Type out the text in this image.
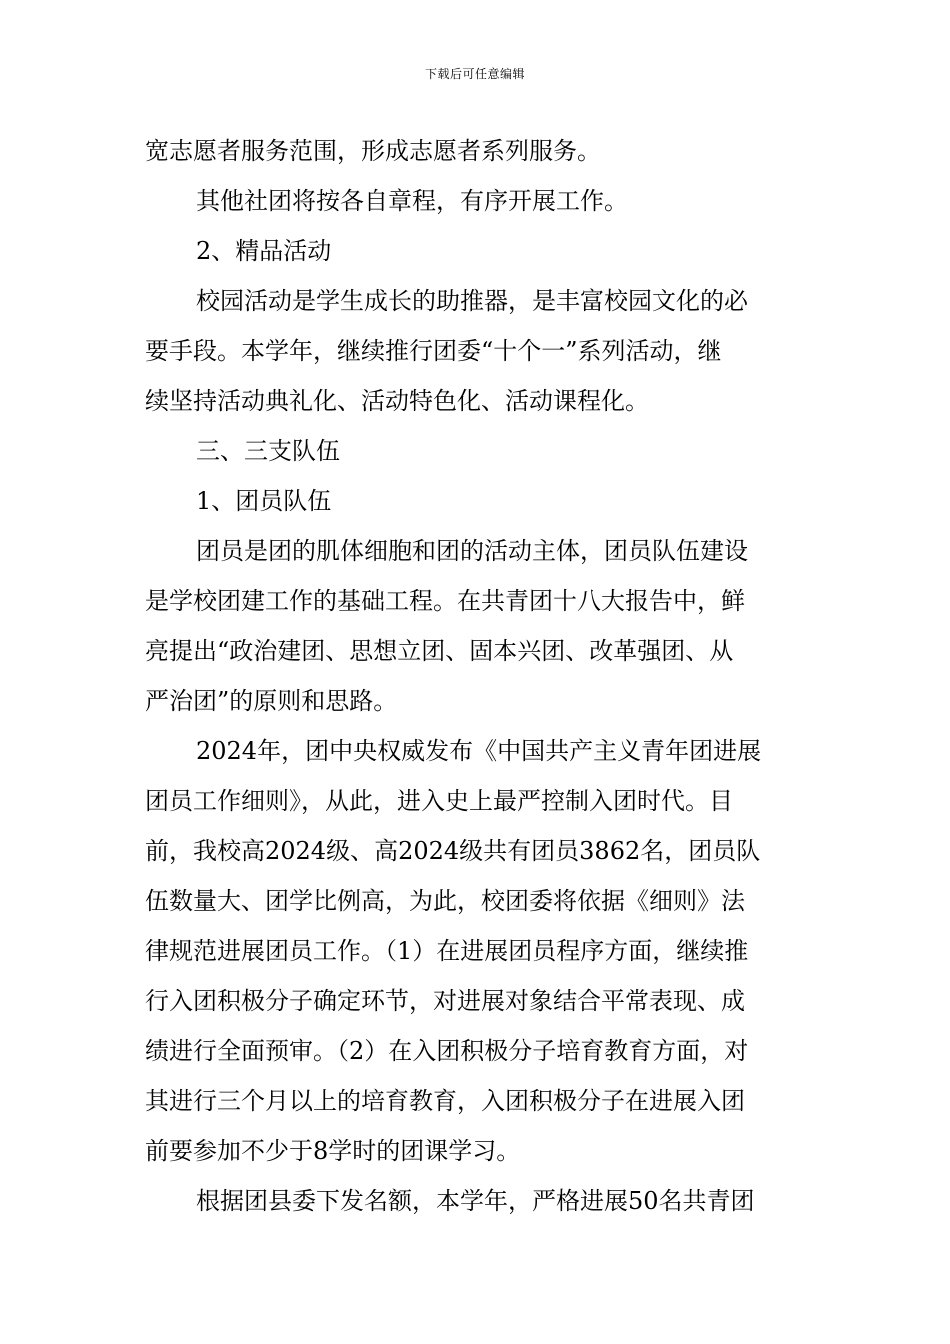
下载后可任意编辑

宽志愿者服务范围，形成志愿者系列服务。

其他社团将按各自章程，有序开展工作。

2、精品活动

校园活动是学生成长的助推器，是丰富校园文化的必

要手段。本学年，继续推行团委“十个一”系列活动，继

续坚持活动典礼化、活动特色化、活动课程化。

三、三支队伍

1、团员队伍

团员是团的肌体细胞和团的活动主体，团员队伍建设

是学校团建工作的基础工程。在共青团十八大报告中，鲜

亮提出“政治建团、思想立团、固本兴团、改革强团、从

严治团”的原则和思路。

2024年，团中央权威发布《中国共产主义青年团进展

团员工作细则》，从此，进入史上最严控制入团时代。目

前，我校高2024级、高2024级共有团员3862名，团员队

伍数量大、团学比例高，为此，校团委将依据《细则》法

律规范进展团员工作。（1）在进展团员程序方面，继续推

行入团积极分子确定环节，对进展对象结合平常表现、成

绩进行全面预审。（2）在入团积极分子培育教育方面，对

其进行三个月以上的培育教育，入团积极分子在进展入团

前要参加不少于8学时的团课学习。

根据团县委下发名额，本学年，严格进展50名共青团
